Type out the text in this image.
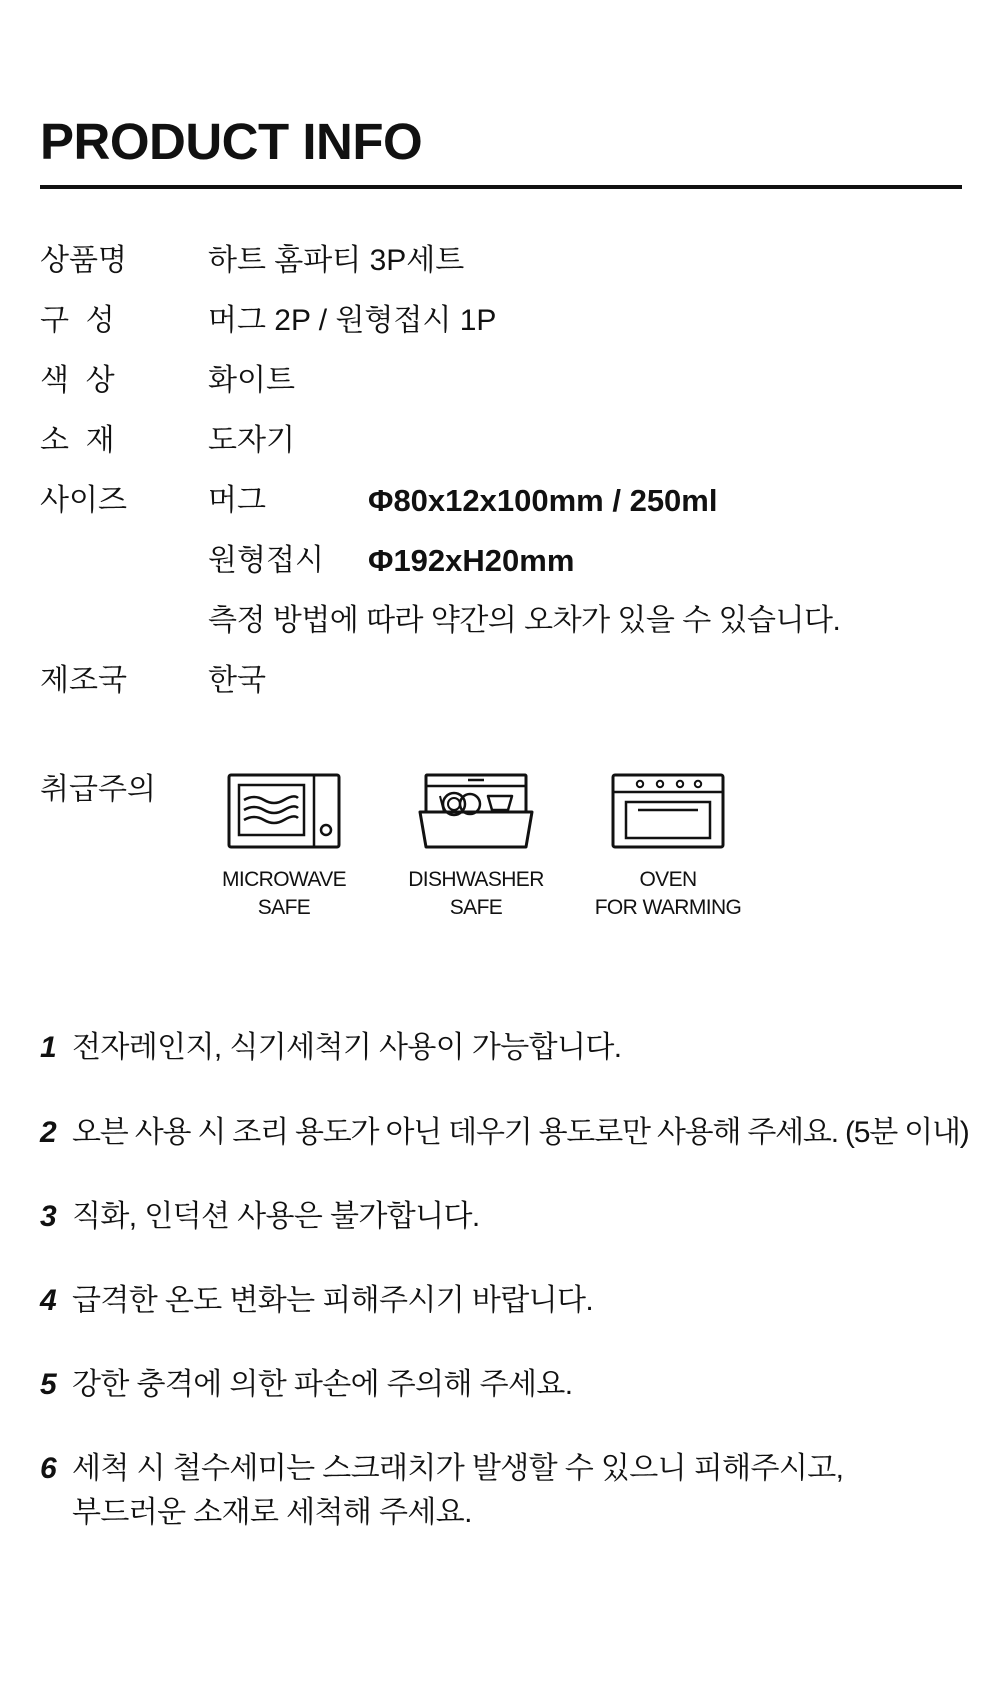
PRODUCT INFO
상품명	하트 홈파티 3P세트
구  성	머그 2P / 원형접시 1P
색  상	화이트
소  재	도자기
사이즈	머그	Φ80x12x100mm / 250ml
원형접시 Φ192xH20mm
측정 방법에 따라 약간의 오차가 있을 수 있습니다.
제조국	한국
취급주의
MICROWAVE
SAFE
DISHWASHER
SAFE
OVEN
FOR WARMING
1 전자레인지, 식기세척기 사용이 가능합니다.
2 오븐 사용 시 조리 용도가 아닌 데우기 용도로만 사용해 주세요. (5분 이내)
3 직화, 인덕션 사용은 불가합니다.
4 급격한 온도 변화는 피해주시기 바랍니다.
5 강한 충격에 의한 파손에 주의해 주세요.
6 세척 시 철수세미는 스크래치가 발생할 수 있으니 피해주시고,
부드러운 소재로 세척해 주세요.
